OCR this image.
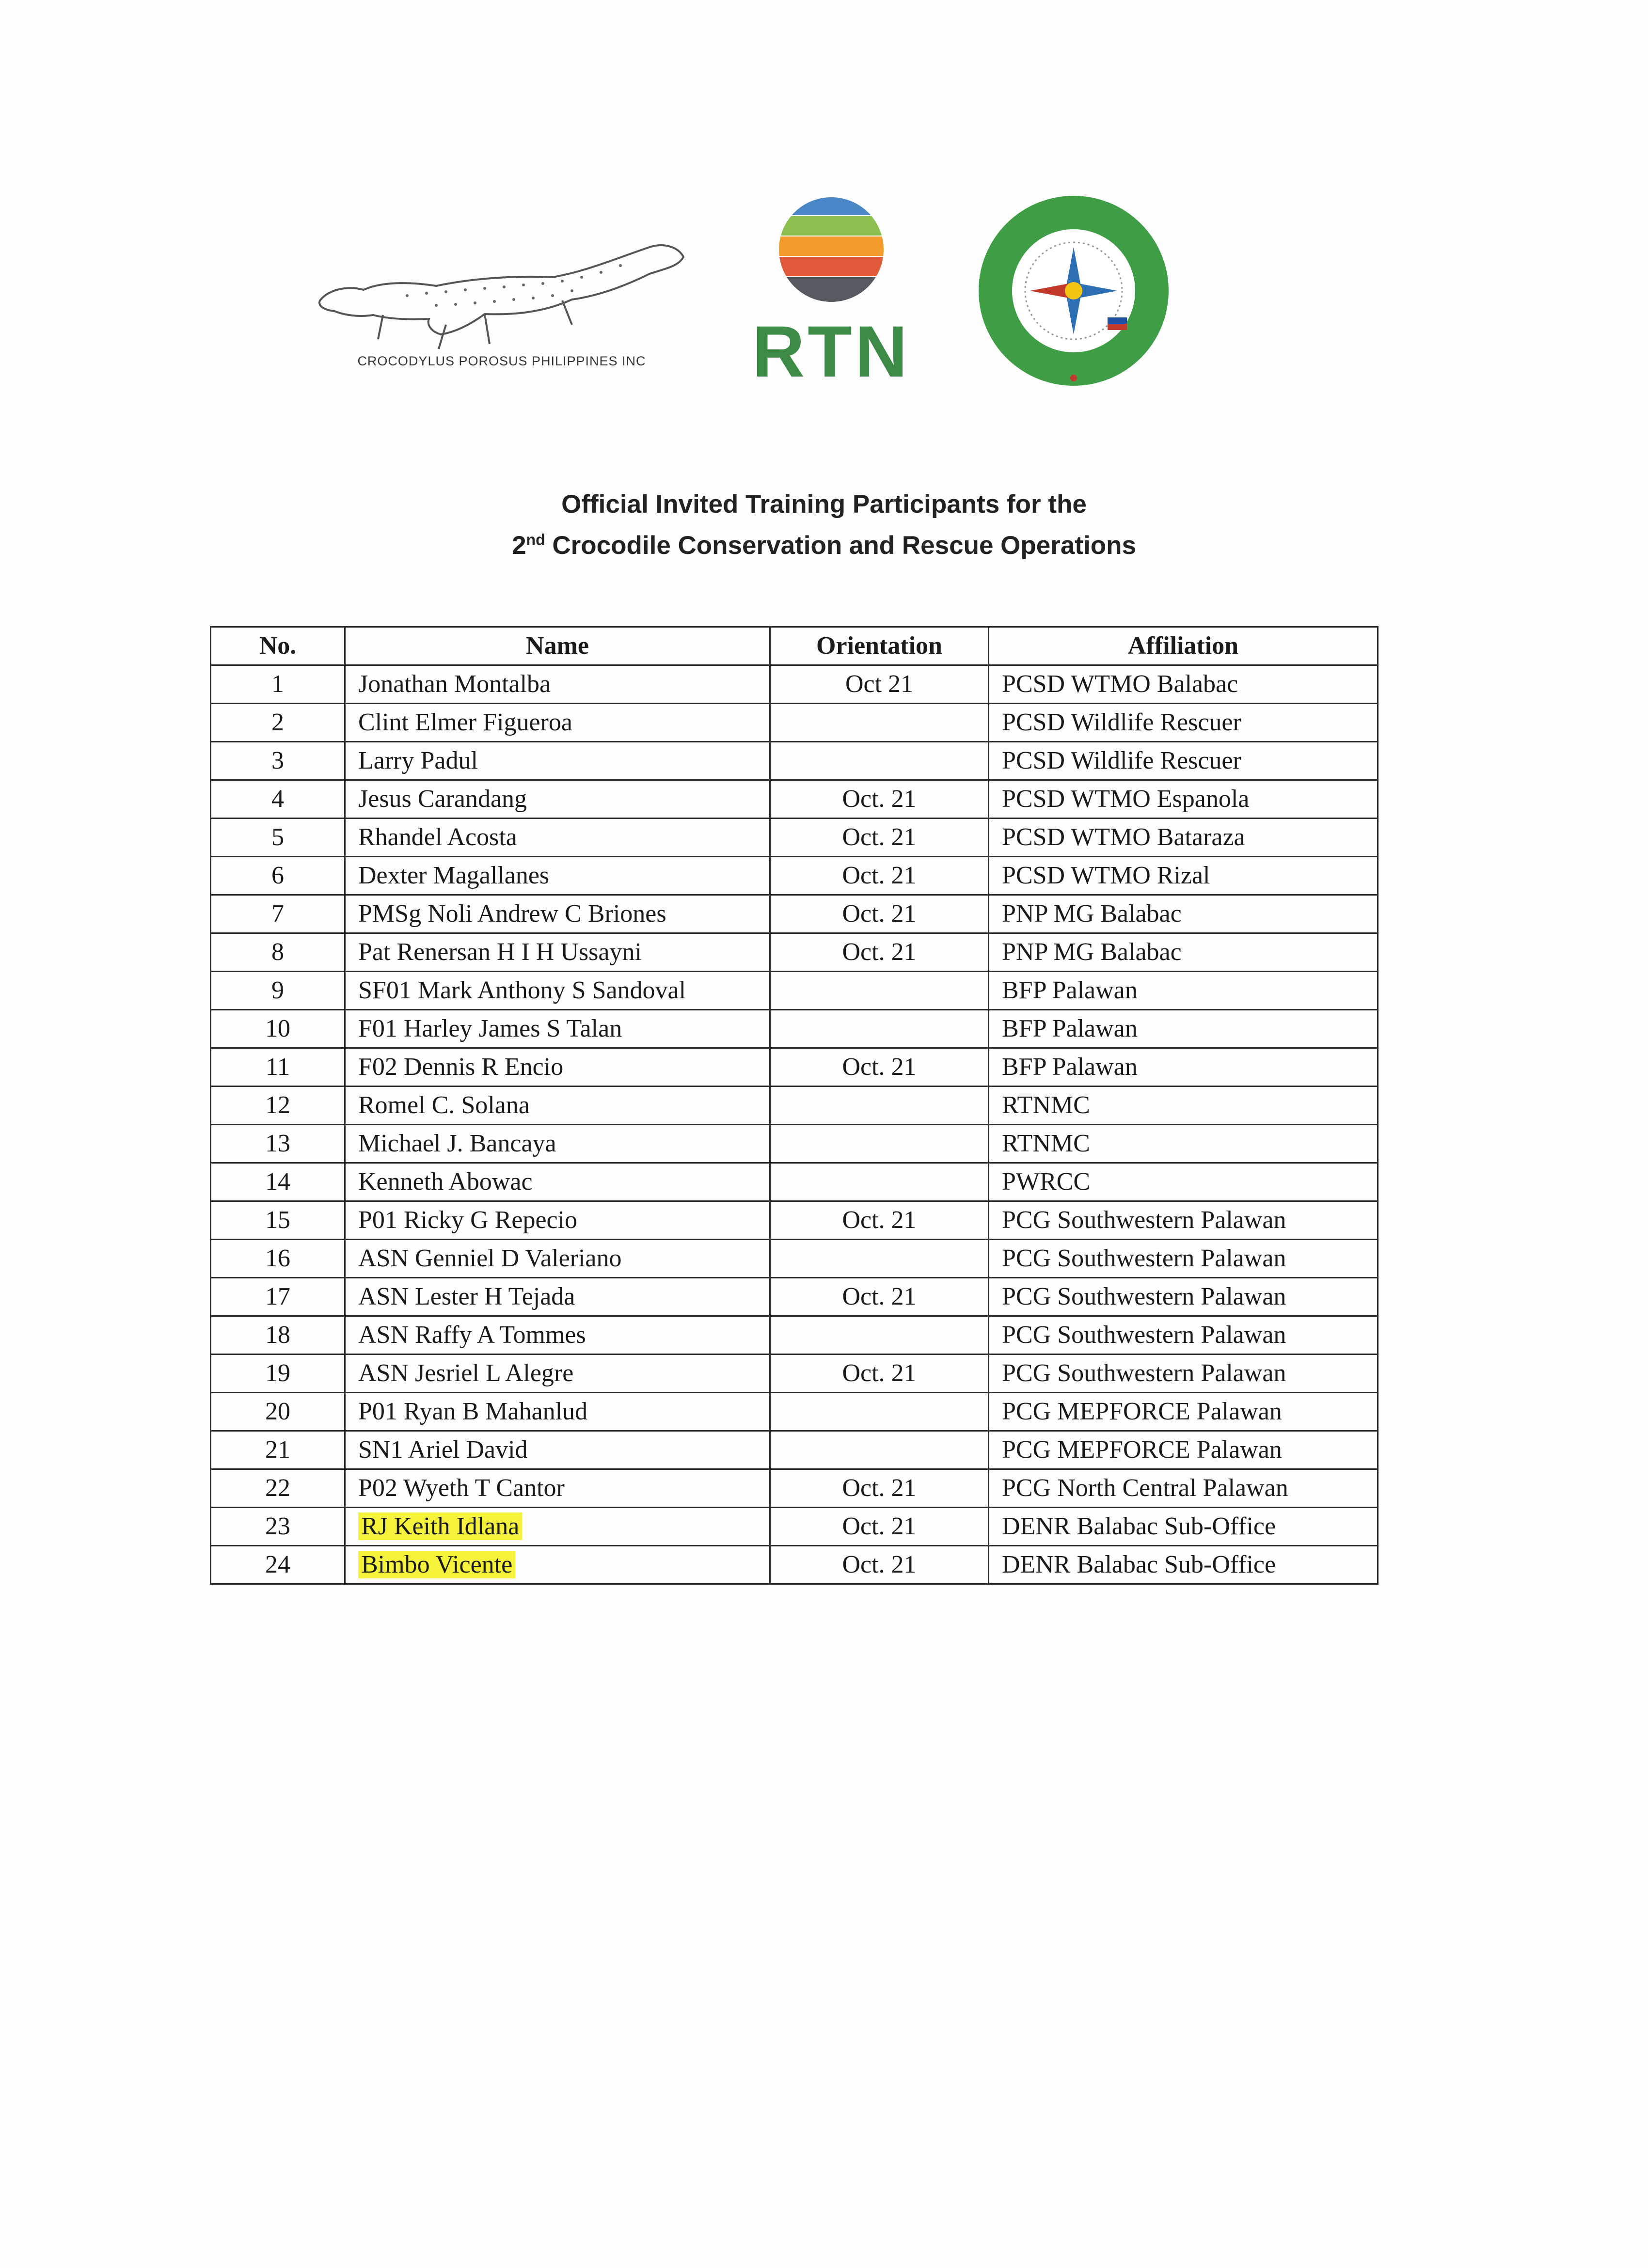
CROCODYLUS POROSUS PHILIPPINES INC	RTN
Official Invited Training Participants for the
2nd Crocodile Conservation and Rescue Operations
No.	Name	Orientation	Affiliation
1	Jonathan Montalba	Oct 21	PCSD WTMO Balabac
2	Clint Elmer Figueroa		PCSD Wildlife Rescuer
3	Larry Padul		PCSD Wildlife Rescuer
4	Jesus Carandang	Oct. 21	PCSD WTMO Espanola
5	Rhandel Acosta	Oct. 21	PCSD WTMO Bataraza
6	Dexter Magallanes	Oct. 21	PCSD WTMO Rizal
7	PMSg Noli Andrew C Briones	Oct. 21	PNP MG Balabac
8	Pat Renersan H I H Ussayni	Oct. 21	PNP MG Balabac
9	SF01 Mark Anthony S Sandoval		BFP Palawan
10	F01 Harley James S Talan		BFP Palawan
11	F02 Dennis R Encio	Oct. 21	BFP Palawan
12	Romel C. Solana		RTNMC
13	Michael J. Bancaya		RTNMC
14	Kenneth Abowac		PWRCC
15	P01 Ricky G Repecio	Oct. 21	PCG Southwestern Palawan
16	ASN Genniel D Valeriano		PCG Southwestern Palawan
17	ASN Lester H Tejada	Oct. 21	PCG Southwestern Palawan
18	ASN Raffy A Tommes		PCG Southwestern Palawan
19	ASN Jesriel L Alegre	Oct. 21	PCG Southwestern Palawan
20	P01 Ryan B Mahanlud		PCG MEPFORCE Palawan
21	SN1 Ariel David		PCG MEPFORCE Palawan
22	P02 Wyeth T Cantor	Oct. 21	PCG North Central Palawan
23	RJ Keith Idlana	Oct. 21	DENR Balabac Sub-Office
24	Bimbo Vicente	Oct. 21	DENR Balabac Sub-Office
